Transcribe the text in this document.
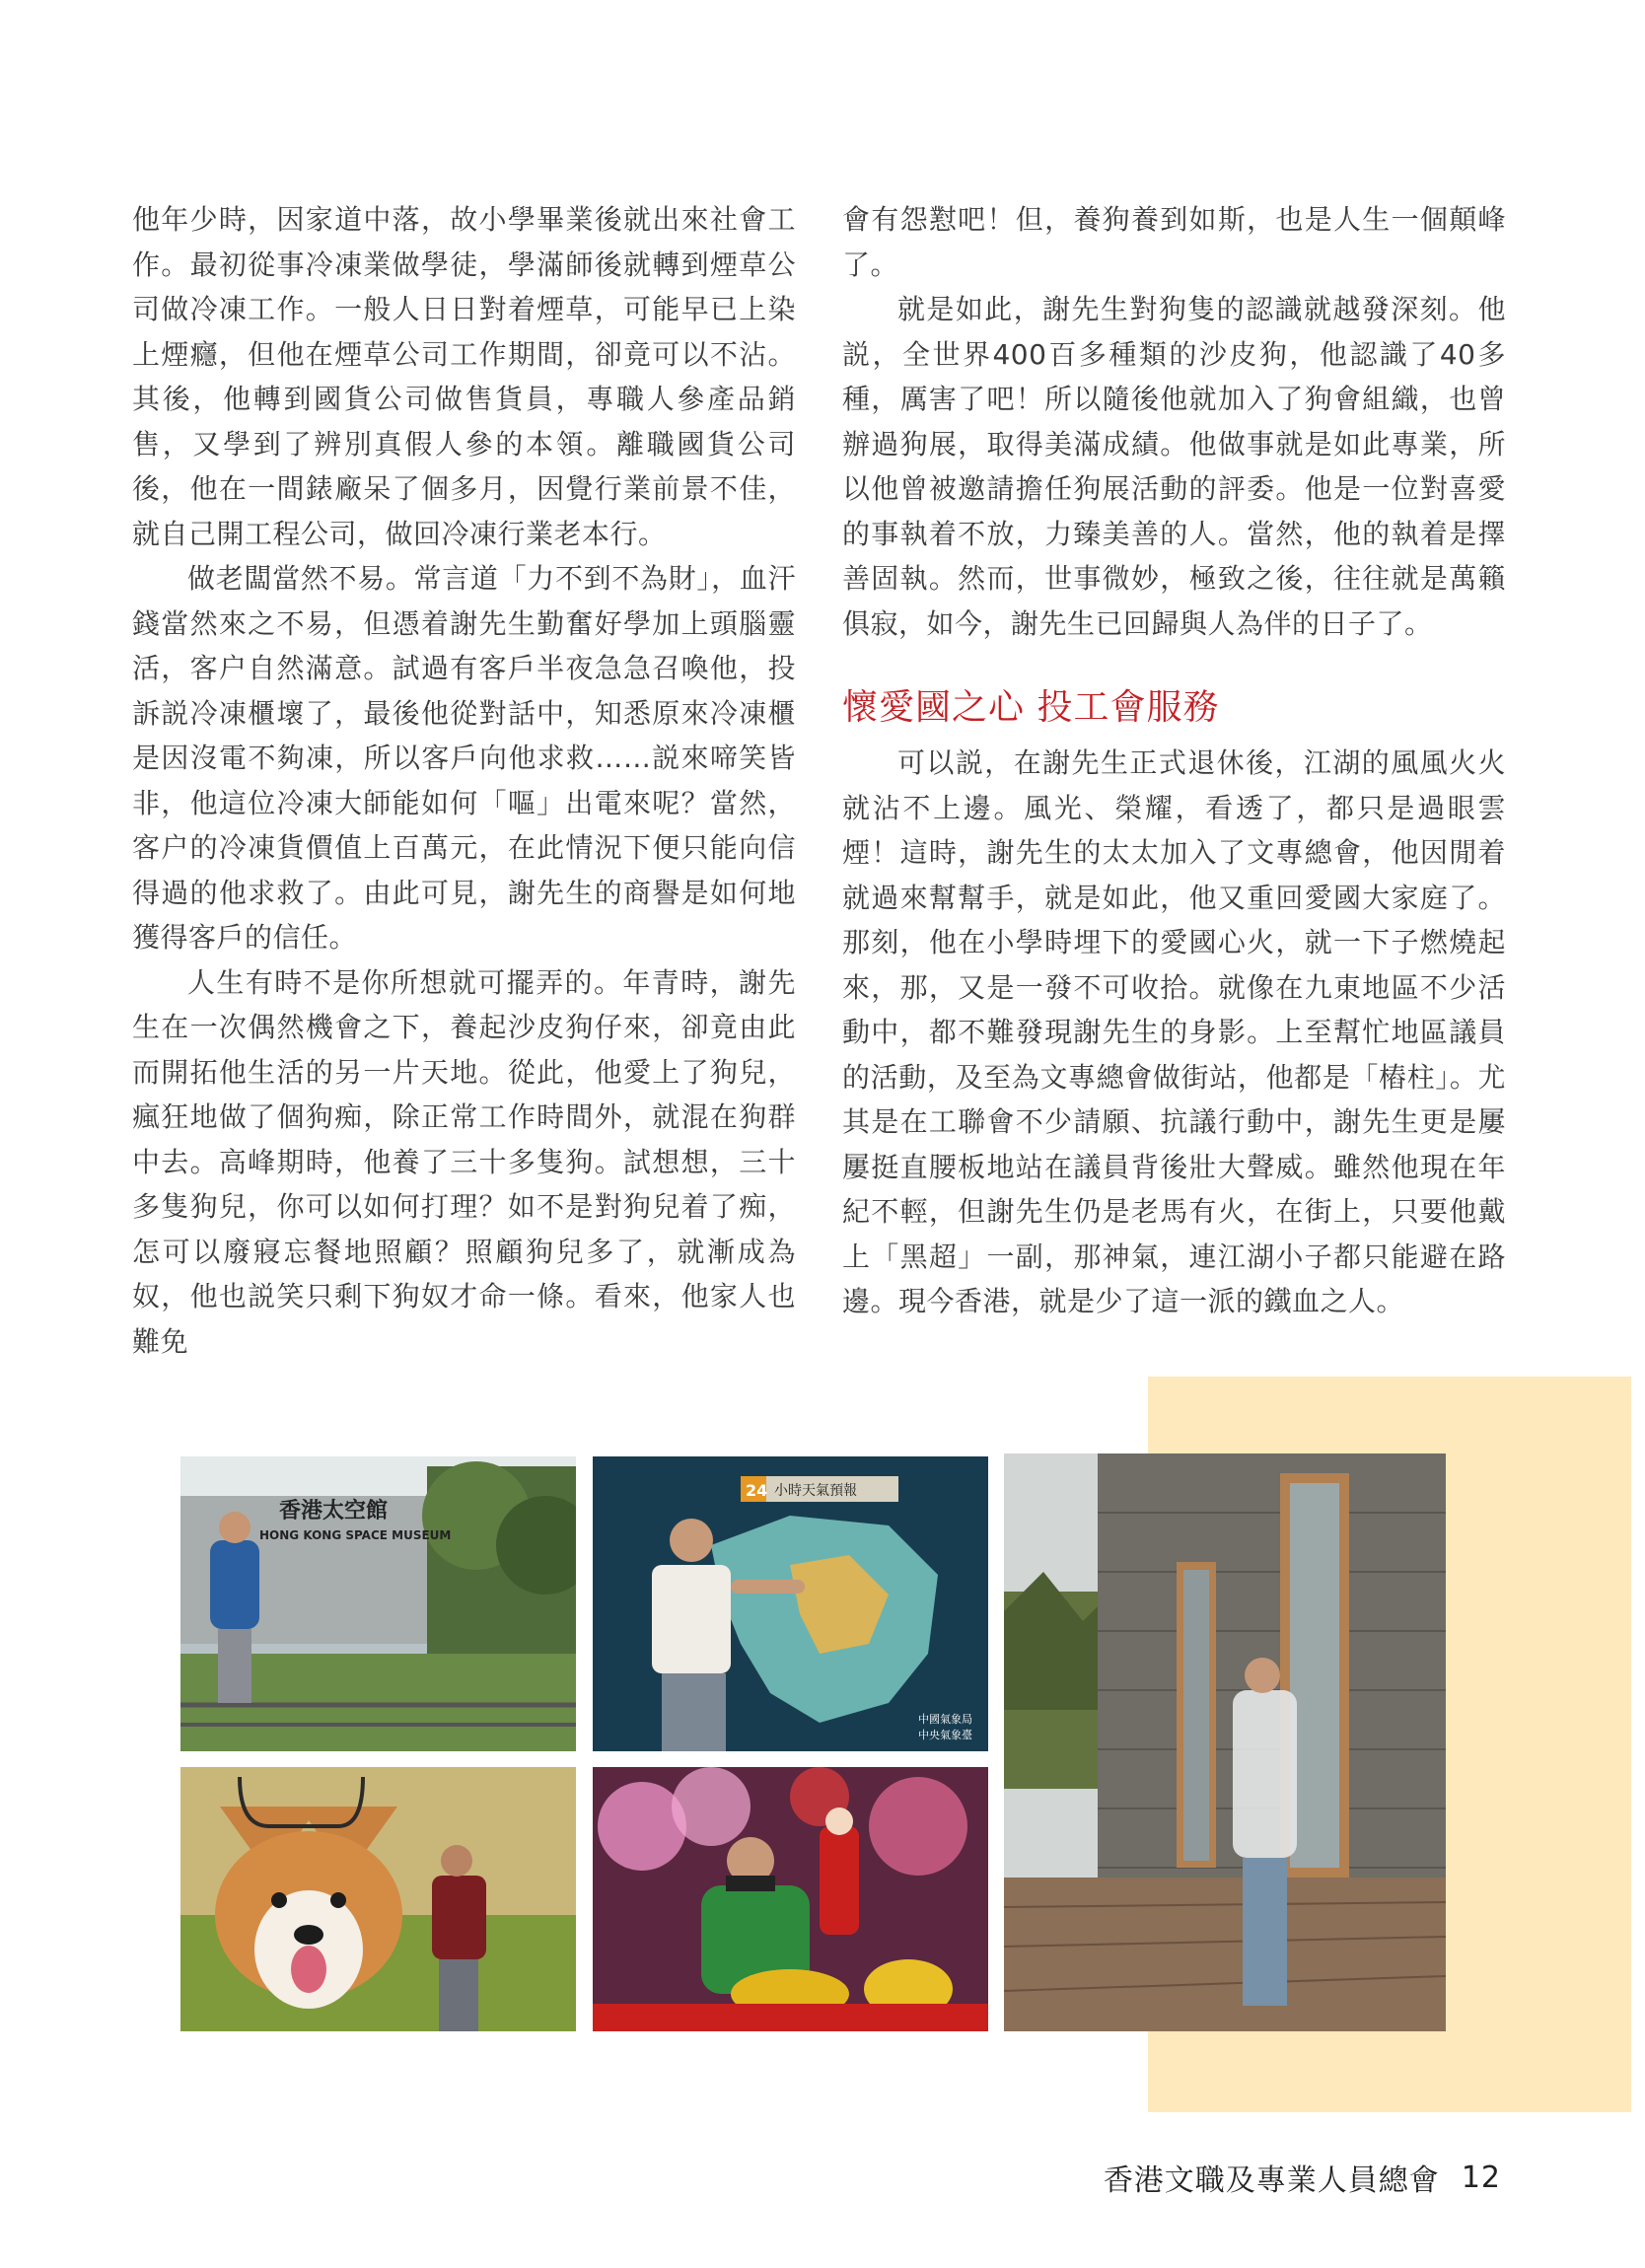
他年少時，因家道中落，故小學畢業後就出來社會工作。最初從事冷凍業做學徒，學滿師後就轉到煙草公司做冷凍工作。一般人日日對着煙草，可能早已上染上煙癮，但他在煙草公司工作期間，卻竟可以不沾。其後，他轉到國貨公司做售貨員，專職人參產品銷售，又學到了辨別真假人參的本領。離職國貨公司後，他在一間錶廠呆了個多月，因覺行業前景不佳，就自己開工程公司，做回冷凍行業老本行。

做老闆當然不易。常言道「力不到不為財」，血汗錢當然來之不易，但憑着謝先生勤奮好學加上頭腦靈活，客户自然滿意。試過有客戶半夜急急召喚他，投訴説冷凍櫃壞了，最後他從對話中，知悉原來冷凍櫃是因沒電不夠凍，所以客戶向他求救……説來啼笑皆非，他這位冷凍大師能如何「嘔」出電來呢？當然，客户的冷凍貨價值上百萬元，在此情況下便只能向信得過的他求救了。由此可見，謝先生的商譽是如何地獲得客戶的信任。

人生有時不是你所想就可擺弄的。年青時，謝先生在一次偶然機會之下，養起沙皮狗仔來，卻竟由此而開拓他生活的另一片天地。從此，他愛上了狗兒，瘋狂地做了個狗痴，除正常工作時間外，就混在狗群中去。高峰期時，他養了三十多隻狗。試想想，三十多隻狗兒，你可以如何打理？如不是對狗兒着了痴，怎可以廢寢忘餐地照顧？照顧狗兒多了，就漸成為奴，他也説笑只剩下狗奴才命一條。看來，他家人也難免

會有怨懟吧！但，養狗養到如斯，也是人生一個顛峰了。

就是如此，謝先生對狗隻的認識就越發深刻。他説，全世界400百多種類的沙皮狗，他認識了40多種，厲害了吧！所以隨後他就加入了狗會組織，也曾辦過狗展，取得美滿成績。他做事就是如此專業，所以他曾被邀請擔任狗展活動的評委。他是一位對喜愛的事執着不放，力臻美善的人。當然，他的執着是擇善固執。然而，世事微妙，極致之後，往往就是萬籟俱寂，如今，謝先生已回歸與人為伴的日子了。

懷愛國之心 投工會服務

可以説，在謝先生正式退休後，江湖的風風火火就沾不上邊。風光、榮耀，看透了，都只是過眼雲煙！這時，謝先生的太太加入了文專總會，他因閒着就過來幫幫手，就是如此，他又重回愛國大家庭了。那刻，他在小學時埋下的愛國心火，就一下子燃燒起來，那，又是一發不可收拾。就像在九東地區不少活動中，都不難發現謝先生的身影。上至幫忙地區議員的活動，及至為文專總會做街站，他都是「樁柱」。尤其是在工聯會不少請願、抗議行動中，謝先生更是屢屢挺直腰板地站在議員背後壯大聲威。雖然他現在年紀不輕，但謝先生仍是老馬有火，在街上，只要他戴上「黑超」一副，那神氣，連江湖小子都只能避在路邊。現今香港，就是少了這一派的鐵血之人。

香港太空館
HONG KONG SPACE MUSEUM
24 小時天氣預報
中國氣象局
中央氣象臺
香港文職及專業人員總會 12
